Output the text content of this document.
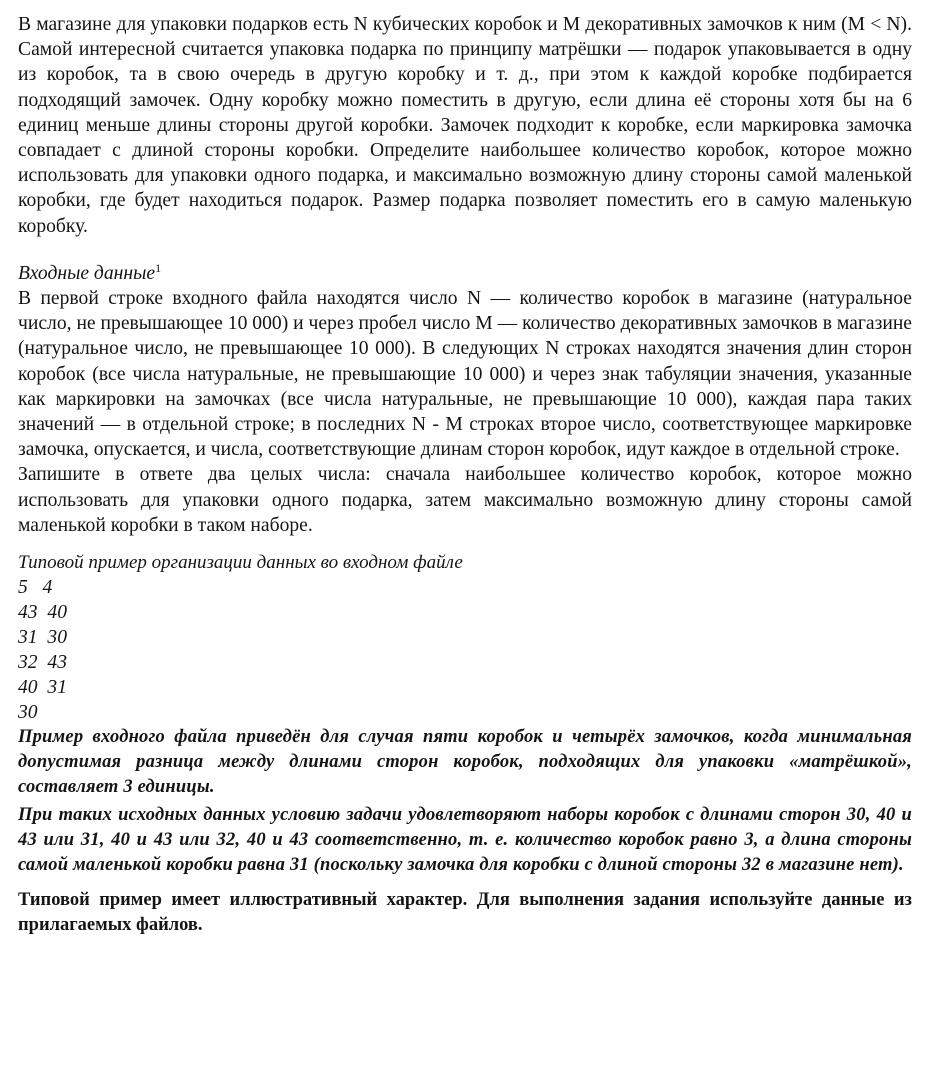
В магазине для упаковки подарков есть N кубических коробок и M декоративных замочков к ним (M < N). Самой интересной считается упаковка подарка по принципу матрёшки — подарок упаковывается в одну из коробок, та в свою очередь в другую коробку и т. д., при этом к каждой коробке подбирается подходящий замочек. Одну коробку можно поместить в другую, если длина её стороны хотя бы на 6 единиц меньше длины стороны другой коробки. Замочек подходит к коробке, если маркировка замочка совпадает с длиной стороны коробки. Определите наибольшее количество коробок, которое можно использовать для упаковки одного подарка, и максимально возможную длину стороны самой маленькой коробки, где будет находиться подарок. Размер подарка позволяет поместить его в самую маленькую коробку.

Входные данные$^1$

В первой строке входного файла находятся число N — количество коробок в магазине (натуральное число, не превышающее 10 000) и через пробел число M — количество декоративных замочков в магазине (натуральное число, не превышающее 10 000). В следующих N строках находятся значения длин сторон коробок (все числа натуральные, не превышающие 10 000) и через знак табуляции значения, указанные как маркировки на замочках (все числа натуральные, не превышающие 10 000), каждая пара таких значений — в отдельной строке; в последних N - M строках второе число, соответствующее маркировке замочка, опускается, и числа, соответствующие длинам сторон коробок, идут каждое в отдельной строке.

Запишите в ответе два целых числа: сначала наибольшее количество коробок, которое можно использовать для упаковки одного подарка, затем максимально возможную длину стороны самой маленькой коробки в таком наборе.

Типовой пример организации данных во входном файле

5   4
43  40
31  30
32  43
40  31
30

Пример входного файла приведён для случая пяти коробок и четырёх замочков, когда минимальная допустимая разница между длинами сторон коробок, подходящих для упаковки «матрёшкой», составляет 3 единицы.

При таких исходных данных условию задачи удовлетворяют наборы коробок с длинами сторон 30, 40 и 43 или 31, 40 и 43 или 32, 40 и 43 соответственно, т. е. количество коробок равно 3, а длина стороны самой маленькой коробки равна 31 (поскольку замочка для коробки с длиной стороны 32 в магазине нет).

Типовой пример имеет иллюстративный характер. Для выполнения задания используйте данные из прилагаемых файлов.
